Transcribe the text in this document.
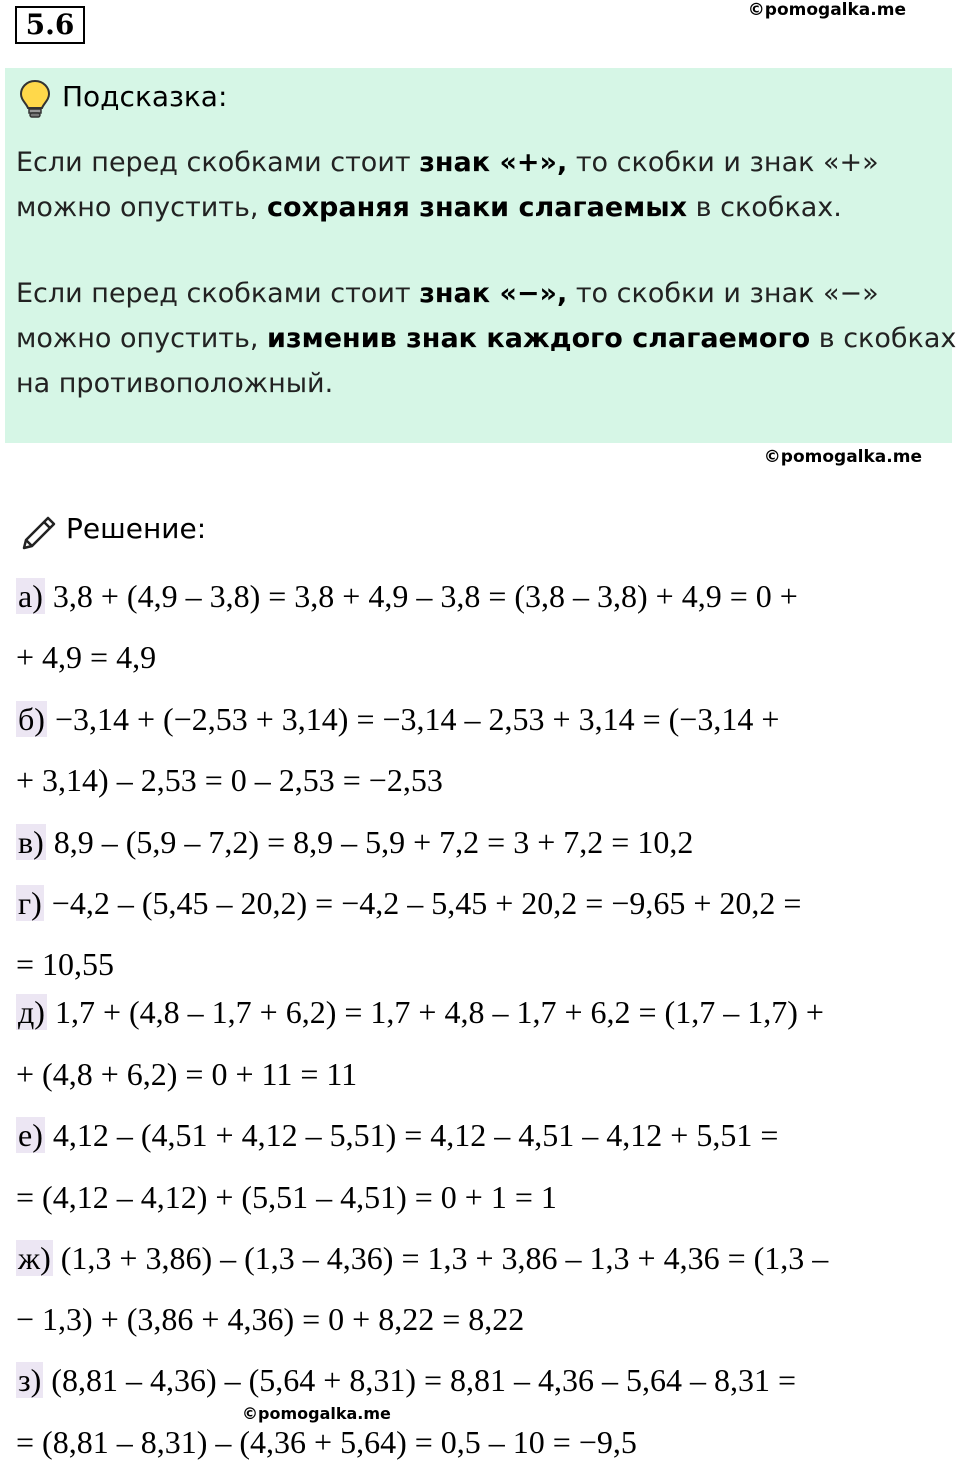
5.6	©pomogalka.me
Подсказка:
Если перед скобками стоит знак «+», то скобки и знак «+»
можно опустить, сохраняя знаки слагаемых в скобках.
Если перед скобками стоит знак «−», то скобки и знак «−»
можно опустить, изменив знак каждого слагаемого в скобках
на противоположный.
©pomogalka.me
Решение:
а) 3,8 + (4,9 – 3,8) = 3,8 + 4,9 – 3,8 = (3,8 – 3,8) + 4,9 = 0 +
+ 4,9 = 4,9
б) −3,14 + (−2,53 + 3,14) = −3,14 – 2,53 + 3,14 = (−3,14 +
+ 3,14) – 2,53 = 0 – 2,53 = −2,53
в) 8,9 – (5,9 – 7,2) = 8,9 – 5,9 + 7,2 = 3 + 7,2 = 10,2
г) −4,2 – (5,45 – 20,2) = −4,2 – 5,45 + 20,2 = −9,65 + 20,2 =
= 10,55
д) 1,7 + (4,8 – 1,7 + 6,2) = 1,7 + 4,8 – 1,7 + 6,2 = (1,7 – 1,7) +
+ (4,8 + 6,2) = 0 + 11 = 11
е) 4,12 – (4,51 + 4,12 – 5,51) = 4,12 – 4,51 – 4,12 + 5,51 =
= (4,12 – 4,12) + (5,51 – 4,51) = 0 + 1 = 1
ж) (1,3 + 3,86) – (1,3 – 4,36) = 1,3 + 3,86 – 1,3 + 4,36 = (1,3 –
− 1,3) + (3,86 + 4,36) = 0 + 8,22 = 8,22
з) (8,81 – 4,36) – (5,64 + 8,31) = 8,81 – 4,36 – 5,64 – 8,31 =
= (8,81 – 8,31) – (4,36 + 5,64) = 0,5 – 10 = −9,5
©pomogalka.me
